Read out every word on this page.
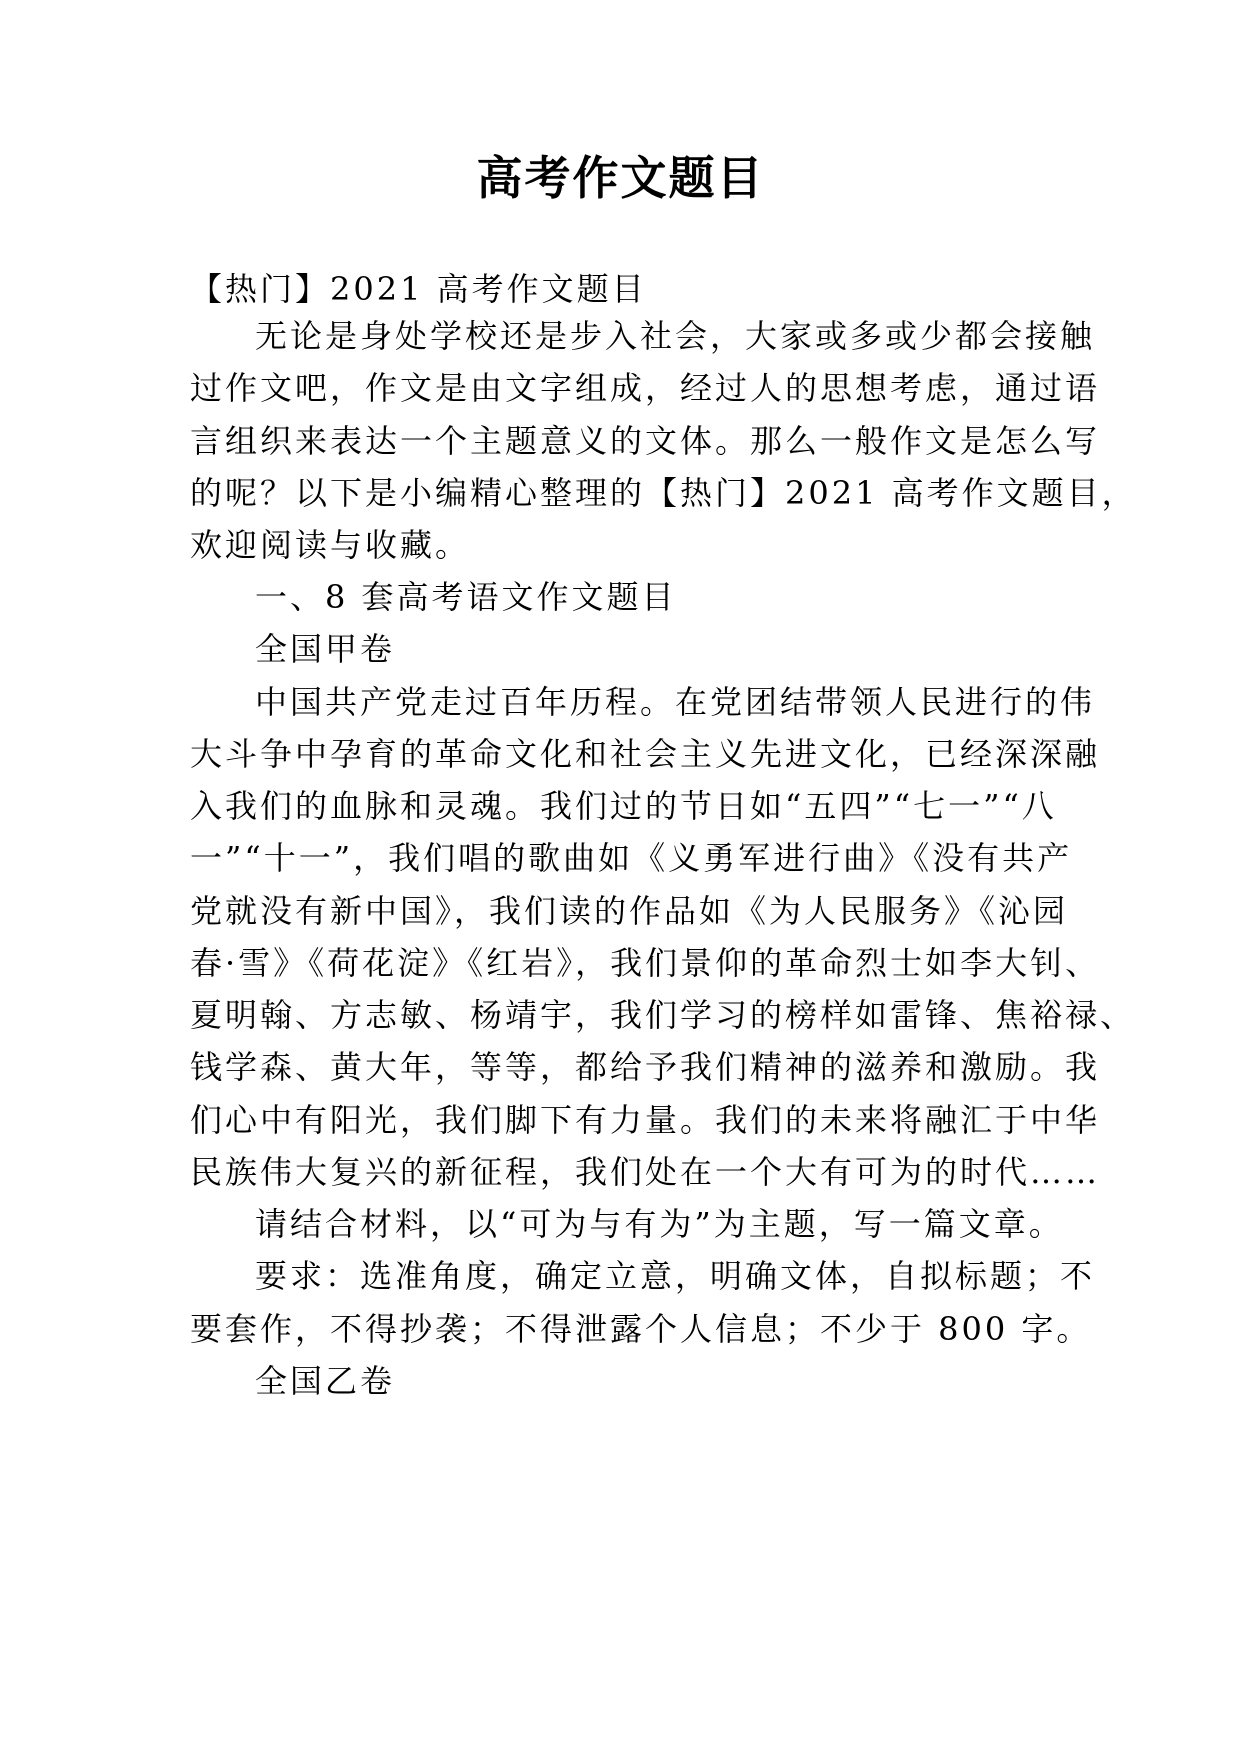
高考作文题目
【热门】2021 高考作文题目
无论是身处学校还是步入社会，大家或多或少都会接触
过作文吧，作文是由文字组成，经过人的思想考虑，通过语
言组织来表达一个主题意义的文体。那么一般作文是怎么写
的呢？以下是小编精心整理的【热门】2021 高考作文题目，
欢迎阅读与收藏。
一、8 套高考语文作文题目
全国甲卷
中国共产党走过百年历程。在党团结带领人民进行的伟
大斗争中孕育的革命文化和社会主义先进文化，已经深深融
入我们的血脉和灵魂。我们过的节日如“五四”“七一”“八
一”“十一”，我们唱的歌曲如《义勇军进行曲》《没有共产
党就没有新中国》，我们读的作品如《为人民服务》《沁园
春·雪》《荷花淀》《红岩》，我们景仰的革命烈士如李大钊、
夏明翰、方志敏、杨靖宇，我们学习的榜样如雷锋、焦裕禄、
钱学森、黄大年，等等，都给予我们精神的滋养和激励。我
们心中有阳光，我们脚下有力量。我们的未来将融汇于中华
民族伟大复兴的新征程，我们处在一个大有可为的时代……
请结合材料，以“可为与有为”为主题，写一篇文章。
要求：选准角度，确定立意，明确文体，自拟标题；不
要套作，不得抄袭；不得泄露个人信息；不少于 800 字。
全国乙卷
